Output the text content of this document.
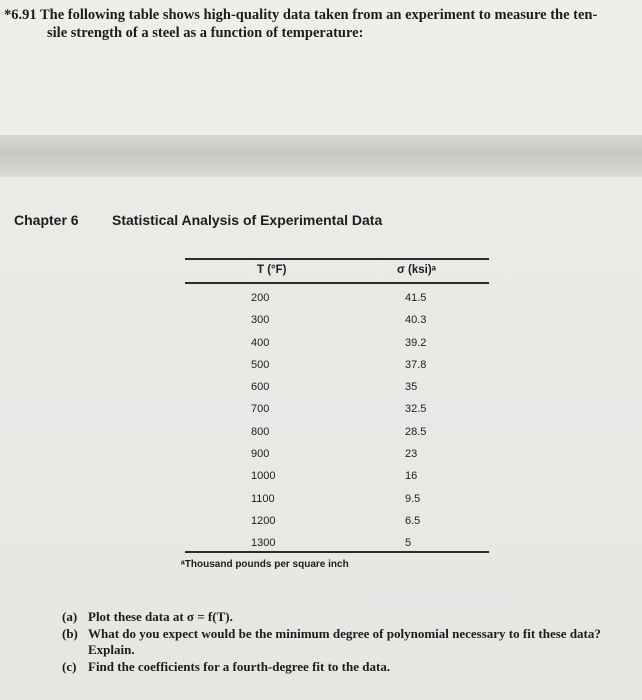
*6.91 The following table shows high-quality data taken from an experiment to measure the ten-
sile strength of a steel as a function of temperature:
Chapter 6 Statistical Analysis of Experimental Data
T (°F)	σ (ksi)ᵃ
200
300
400
500
600
700
800
900
1000
1100
1200
1300
41.5
40.3
39.2
37.8
35
32.5
28.5
23
16
9.5
6.5
5
ᵃThousand pounds per square inch
(a) Plot these data at σ = f(T).
(b) What do you expect would be the minimum degree of polynomial necessary to fit these data? Explain.
(c) Find the coefficients for a fourth-degree fit to the data.
